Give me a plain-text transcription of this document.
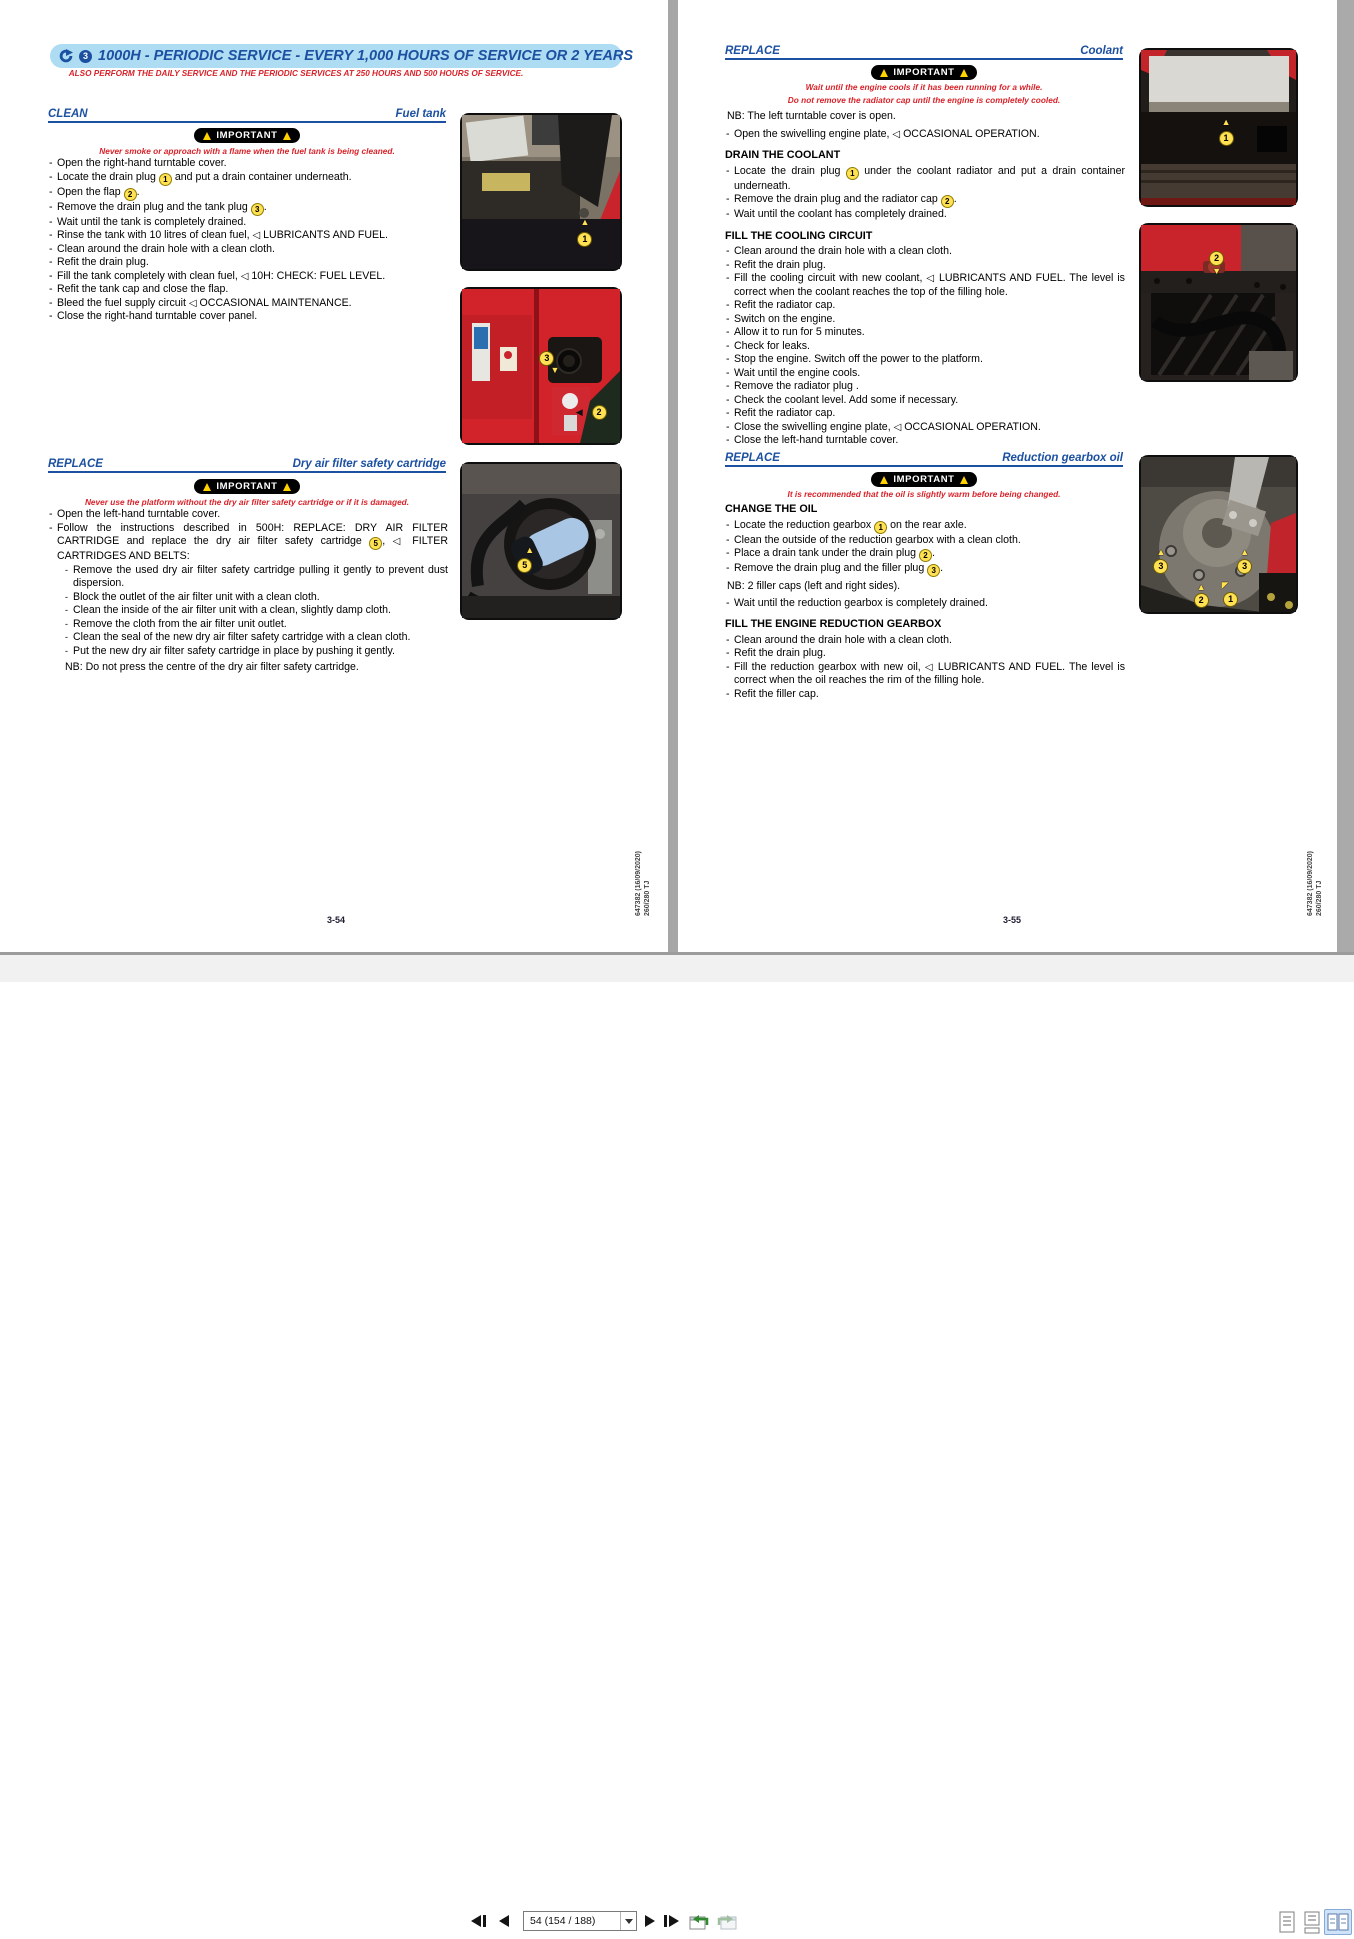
3 1000H - PERIODIC SERVICE - EVERY 1,000 HOURS OF SERVICE OR 2 YEARS
ALSO PERFORM THE DAILY SERVICE AND THE PERIODIC SERVICES AT 250 HOURS AND 500 HOURS OF SERVICE.
CLEAN	Fuel tank
IMPORTANT
Never smoke or approach with a flame when the fuel tank is being cleaned.
- Open the right-hand turntable cover.
- Locate the drain plug 1 and put a drain container underneath.
- Open the flap 2 .
- Remove the drain plug and the tank plug 3 .
- Wait until the tank is completely drained.
- Rinse the tank with 10 litres of clean fuel, ◁ LUBRICANTS AND FUEL.
- Clean around the drain hole with a clean cloth.
- Refit the drain plug.
- Fill the tank completely with clean fuel, ◁ 10H: CHECK: FUEL LEVEL.
- Refit the tank cap and close the flap.
- Bleed the fuel supply circuit ◁ OCCASIONAL MAINTENANCE.
- Close the right-hand turntable cover panel.
REPLACE	Dry air filter safety cartridge
IMPORTANT
Never use the platform without the dry air filter safety cartridge or if it is damaged.
- Open the left-hand turntable cover.
- Follow the instructions described in 500H: REPLACE: DRY AIR FILTER CARTRIDGE and replace the dry air filter safety cartridge 5 , ◁ FILTER CARTRIDGES AND BELTS:
- Remove the used dry air filter safety cartridge pulling it gently to prevent dust dispersion.
- Block the outlet of the air filter unit with a clean cloth.
- Clean the inside of the air filter unit with a clean, slightly damp cloth.
- Remove the cloth from the air filter unit outlet.
- Clean the seal of the new dry air filter safety cartridge with a clean cloth.
- Put the new dry air filter safety cartridge in place by pushing it gently.
NB: Do not press the centre of the dry air filter safety cartridge.
▲
1
3
▼
◀	2
▲
5
3-54
647382 (16/09/2020) 260/280 TJ
REPLACE	Coolant
IMPORTANT
Wait until the engine cools if it has been running for a while.
Do not remove the radiator cap until the engine is completely cooled.
NB: The left turntable cover is open.
- Open the swivelling engine plate, ◁ OCCASIONAL OPERATION.
DRAIN THE COOLANT
- Locate the drain plug 1 under the coolant radiator and put a drain container underneath.
- Remove the drain plug and the radiator cap 2 .
- Wait until the coolant has completely drained.
FILL THE COOLING CIRCUIT
- Clean around the drain hole with a clean cloth.
- Refit the drain plug.
- Fill the cooling circuit with new coolant, ◁ LUBRICANTS AND FUEL. The level is correct when the coolant reaches the top of the filling hole.
- Refit the radiator cap.
- Switch on the engine.
- Allow it to run for 5 minutes.
- Check for leaks.
- Stop the engine. Switch off the power to the platform.
- Wait until the engine cools.
- Remove the radiator plug .
- Check the coolant level. Add some if necessary.
- Refit the radiator cap.
- Close the swivelling engine plate, ◁ OCCASIONAL OPERATION.
- Close the left-hand turntable cover.
REPLACE	Reduction gearbox oil
IMPORTANT
It is recommended that the oil is slightly warm before being changed.
CHANGE THE OIL
- Locate the reduction gearbox 1 on the rear axle.
- Clean the outside of the reduction gearbox with a clean cloth.
- Place a drain tank under the drain plug 2 .
- Remove the drain plug and the filler plug 3 .
NB: 2 filler caps (left and right sides).
- Wait until the reduction gearbox is completely drained.
FILL THE ENGINE REDUCTION GEARBOX
- Clean around the drain hole with a clean cloth.
- Refit the drain plug.
- Fill the reduction gearbox with new oil, ◁ LUBRICANTS AND FUEL. The level is correct when the oil reaches the rim of the filling hole.
- Refit the filler cap.
▲
1
2
▼
▲
3
▲
3
▲
2
◤
1
3-55
647382 (16/09/2020) 260/280 TJ
54 (154 / 188)
